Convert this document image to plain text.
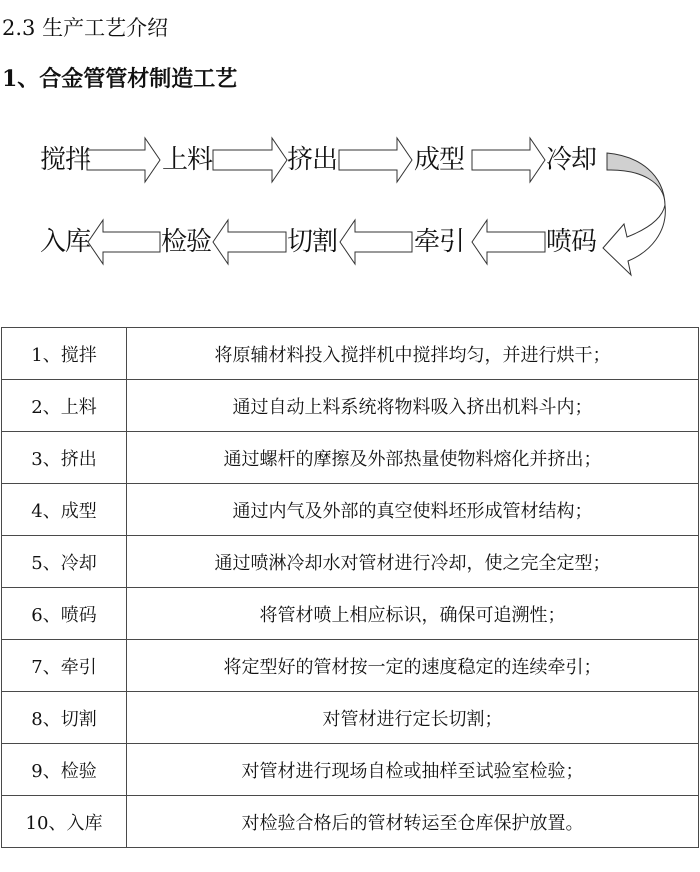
2.3 生产工艺介绍
1、合金管管材制造工艺
搅拌	上料	挤出	成型	冷却
入库	检验	切割	牵引	喷码
1、搅拌	将原辅材料投入搅拌机中搅拌均匀，并进行烘干；
2、上料	通过自动上料系统将物料吸入挤出机料斗内；
3、挤出	通过螺杆的摩擦及外部热量使物料熔化并挤出；
4、成型	通过内气及外部的真空使料坯形成管材结构；
5、冷却	通过喷淋冷却水对管材进行冷却，使之完全定型；
6、喷码	将管材喷上相应标识，确保可追溯性；
7、牵引	将定型好的管材按一定的速度稳定的连续牵引；
8、切割	对管材进行定长切割；
9、检验	对管材进行现场自检或抽样至试验室检验；
10、入库	对检验合格后的管材转运至仓库保护放置。
